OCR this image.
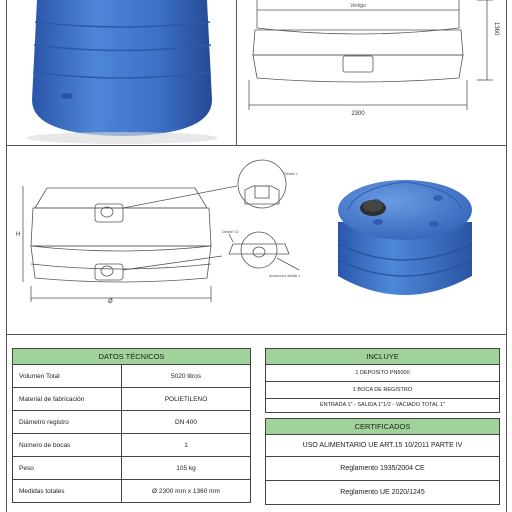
2300
1360
Vertigo
H
Ø
Detalle 1
Detalle 1/2
Accesorios detalle 1
DATOS TÉCNICOS	
Volumen Total	5020 litros
Material de fabricación	POLIETILENO
Diámetro registro	DN 400
Número de bocas	1
Peso	105 kg
Medidas totales	Ø 2300 mm x 1360 mm
INCLUYE
1 DEPOSITO PN5000
1 BOCA DE REGISTRO
ENTRADA 1" - SALIDA 1"1/2 - VACIADO TOTAL 1"
CERTIFICADOS
USO ALIMENTARIO UE ART.15 10/2011 PARTE IV
Reglamento 1935/2004 CE
Reglamento UE 2020/1245
